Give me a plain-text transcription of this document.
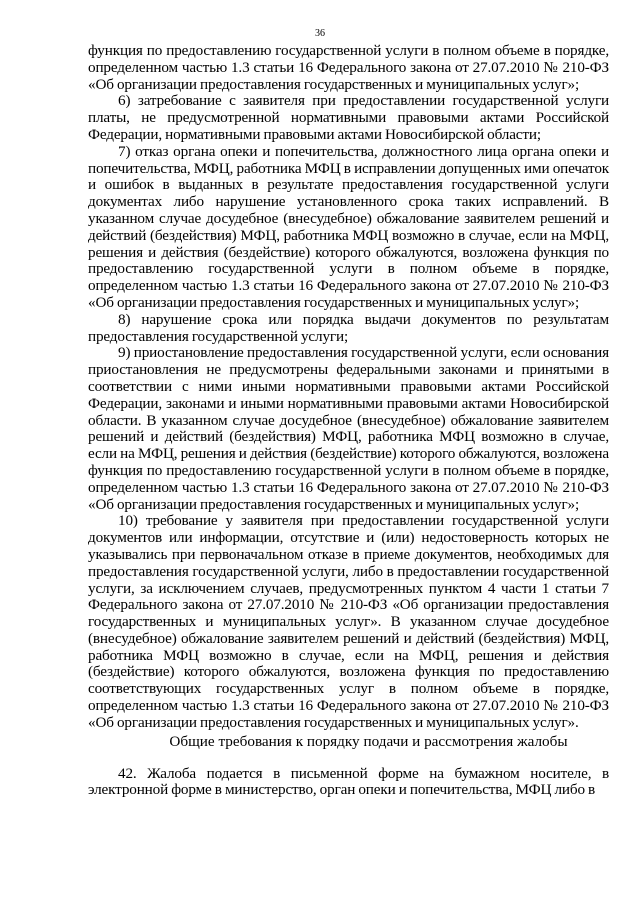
36

функция по предоставлению государственной услуги в полном объеме в порядке, определенном частью 1.3 статьи 16 Федерального закона от 27.07.2010 № 210-ФЗ «Об организации предоставления государственных и муниципальных услуг»;

6) затребование с заявителя при предоставлении государственной услуги платы, не предусмотренной нормативными правовыми актами Российской Федерации, нормативными правовыми актами Новосибирской области;

7) отказ органа опеки и попечительства, должностного лица органа опеки и попечительства, МФЦ, работника МФЦ в исправлении допущенных ими опечаток и ошибок в выданных в результате предоставления государственной услуги документах либо нарушение установленного срока таких исправлений. В указанном случае досудебное (внесудебное) обжалование заявителем решений и действий (бездействия) МФЦ, работника МФЦ возможно в случае, если на МФЦ, решения и действия (бездействие) которого обжалуются, возложена функция по предоставлению государственной услуги в полном объеме в порядке, определенном частью 1.3 статьи 16 Федерального закона от 27.07.2010 № 210-ФЗ «Об организации предоставления государственных и муниципальных услуг»;

8) нарушение срока или порядка выдачи документов по результатам предоставления государственной услуги;

9) приостановление предоставления государственной услуги, если основания приостановления не предусмотрены федеральными законами и принятыми в соответствии с ними иными нормативными правовыми актами Российской Федерации, законами и иными нормативными правовыми актами Новосибирской области. В указанном случае досудебное (внесудебное) обжалование заявителем решений и действий (бездействия) МФЦ, работника МФЦ возможно в случае, если на МФЦ, решения и действия (бездействие) которого обжалуются, возложена функция по предоставлению государственной услуги в полном объеме в порядке, определенном частью 1.3 статьи 16 Федерального закона от 27.07.2010 № 210-ФЗ «Об организации предоставления государственных и муниципальных услуг»;

10) требование у заявителя при предоставлении государственной услуги документов или информации, отсутствие и (или) недостоверность которых не указывались при первоначальном отказе в приеме документов, необходимых для предоставления государственной услуги, либо в предоставлении государственной услуги, за исключением случаев, предусмотренных пунктом 4 части 1 статьи 7 Федерального закона от 27.07.2010 № 210-ФЗ «Об организации предоставления государственных и муниципальных услуг». В указанном случае досудебное (внесудебное) обжалование заявителем решений и действий (бездействия) МФЦ, работника МФЦ возможно в случае, если на МФЦ, решения и действия (бездействие) которого обжалуются, возложена функция по предоставлению соответствующих государственных услуг в полном объеме в порядке, определенном частью 1.3 статьи 16 Федерального закона от 27.07.2010 № 210-ФЗ «Об организации предоставления государственных и муниципальных услуг».

Общие требования к порядку подачи и рассмотрения жалобы

42. Жалоба подается в письменной форме на бумажном носителе, в электронной форме в министерство, орган опеки и попечительства, МФЦ либо в
